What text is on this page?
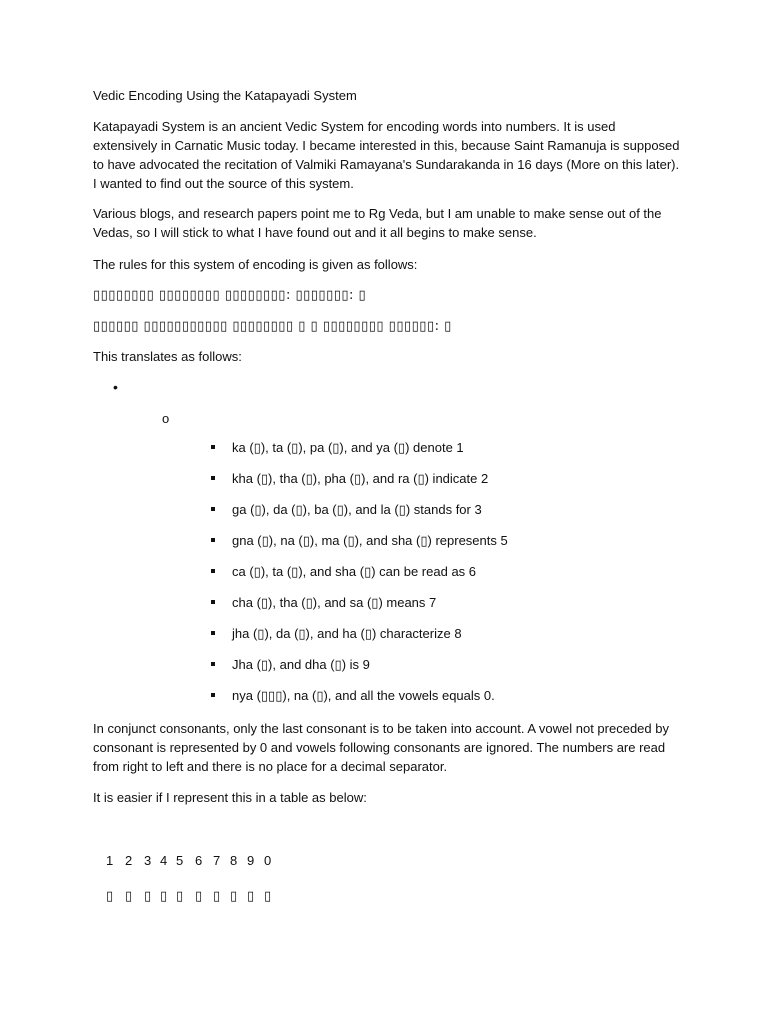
Vedic Encoding Using the Katapayadi System
Katapayadi System is an ancient Vedic System for encoding words into numbers. It is used extensively in Carnatic Music today. I became interested in this, because Saint Ramanuja is supposed to have advocated the recitation of Valmiki Ramayana's Sundarakanda in 16 days (More on this later). I wanted to find out the source of this system.
Various blogs, and research papers point me to Rg Veda, but I am unable to make sense out of the Vedas, so I will stick to what I have found out and it all begins to make sense.
The rules for this system of encoding is given as follows:
▯▯▯▯▯▯▯▯ ▯▯▯▯▯▯▯▯ ▯▯▯▯▯▯▯▯: ▯▯▯▯▯▯▯: ▯
▯▯▯▯▯▯ ▯▯▯▯▯▯▯▯▯▯▯ ▯▯▯▯▯▯▯▯ ▯ ▯ ▯▯▯▯▯▯▯▯ ▯▯▯▯▯▯: ▯
This translates as follows:
•
o
ka (▯), ta (▯), pa (▯), and ya (▯) denote 1
kha (▯), tha (▯), pha (▯), and ra (▯) indicate 2
ga (▯), da (▯), ba (▯), and la (▯) stands for 3
gna (▯), na (▯), ma (▯), and sha (▯) represents 5
ca (▯), ta (▯), and sha (▯) can be read as 6
cha (▯), tha (▯), and sa (▯) means 7
jha (▯), da (▯), and ha (▯) characterize 8
Jha (▯), and dha (▯) is 9
nya (▯▯▯), na (▯), and all the vowels equals 0.
In conjunct consonants, only the last consonant is to be taken into account. A vowel not preceded by consonant is represented by 0 and vowels following consonants are ignored. The numbers are read from right to left and there is no place for a decimal separator.
It is easier if I represent this in a table as below:
1 2 3 4 5 6 7 8 9 0
▯ ▯ ▯ ▯ ▯ ▯ ▯ ▯ ▯ ▯
